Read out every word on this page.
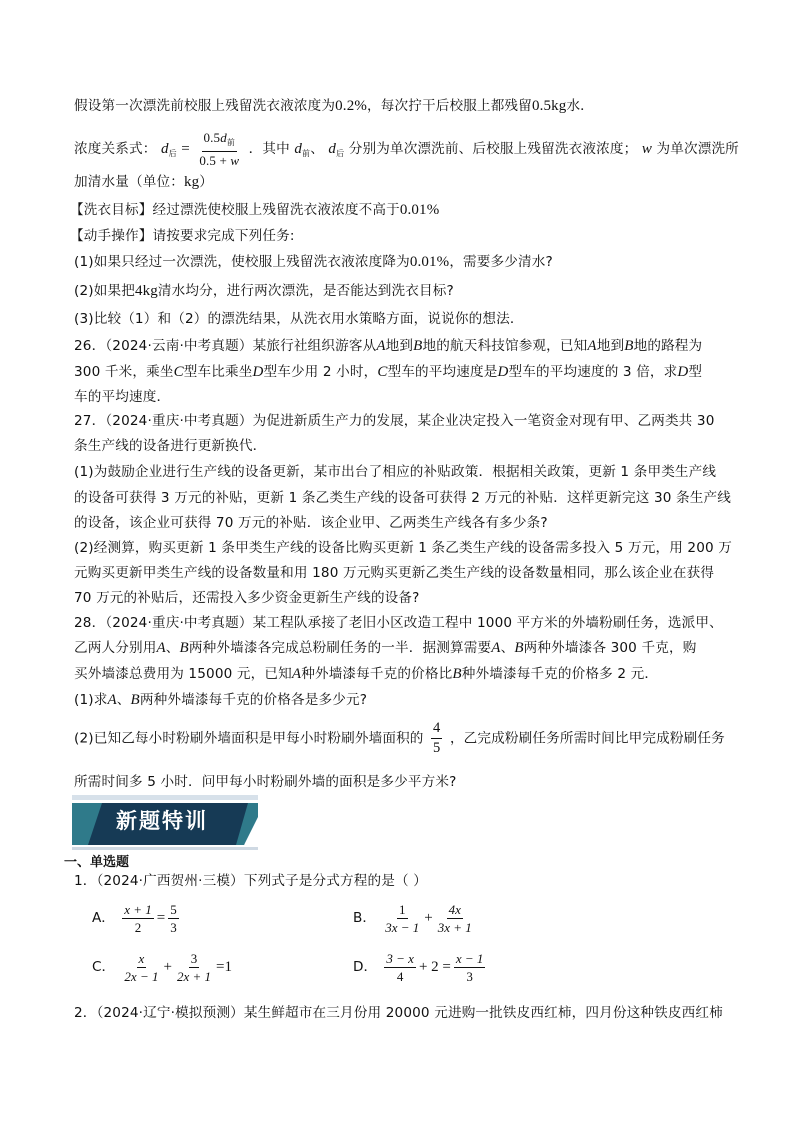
假设第一次漂洗前校服上残留洗衣液浓度为0.2%，每次拧干后校服上都残留0.5kg水．
浓度关系式： $d_后 = \frac{0.5d_前}{0.5 + w}$ ．其中 $d_前$、 $d_后$ 分别为单次漂洗前、后校服上残留洗衣液浓度； w 为单次漂洗所
加清水量（单位：kg）
【洗衣目标】经过漂洗使校服上残留洗衣液浓度不高于0.01%
【动手操作】请按要求完成下列任务:
(1)如果只经过一次漂洗，使校服上残留洗衣液浓度降为0.01%，需要多少清水?
(2)如果把4kg清水均分，进行两次漂洗，是否能达到洗衣目标?
(3)比较（1）和（2）的漂洗结果，从洗衣用水策略方面，说说你的想法．
26．（2024·云南·中考真题）某旅行社组织游客从A地到B地的航天科技馆参观，已知A地到B地的路程为
300 千米，乘坐C型车比乘坐D型车少用 2 小时，C型车的平均速度是D型车的平均速度的 3 倍，求D型
车的平均速度．
27．（2024·重庆·中考真题）为促进新质生产力的发展，某企业决定投入一笔资金对现有甲、乙两类共 30
条生产线的设备进行更新换代．
(1)为鼓励企业进行生产线的设备更新，某市出台了相应的补贴政策．根据相关政策，更新 1 条甲类生产线
的设备可获得 3 万元的补贴，更新 1 条乙类生产线的设备可获得 2 万元的补贴．这样更新完这 30 条生产线
的设备，该企业可获得 70 万元的补贴．该企业甲、乙两类生产线各有多少条?
(2)经测算，购买更新 1 条甲类生产线的设备比购买更新 1 条乙类生产线的设备需多投入 5 万元，用 200 万
元购买更新甲类生产线的设备数量和用 180 万元购买更新乙类生产线的设备数量相同，那么该企业在获得
70 万元的补贴后，还需投入多少资金更新生产线的设备?
28．（2024·重庆·中考真题）某工程队承接了老旧小区改造工程中 1000 平方米的外墙粉刷任务，选派甲、
乙两人分别用A、B两种外墙漆各完成总粉刷任务的一半．据测算需要A、B两种外墙漆各 300 千克，购
买外墙漆总费用为 15000 元，已知A种外墙漆每千克的价格比B种外墙漆每千克的价格多 2 元．
(1)求A、B两种外墙漆每千克的价格各是多少元?
(2)已知乙每小时粉刷外墙面积是甲每小时粉刷外墙面积的 $\frac{4}{5}$ ，乙完成粉刷任务所需时间比甲完成粉刷任务
所需时间多 5 小时．问甲每小时粉刷外墙的面积是多少平方米?
新题特训
一、单选题
1．（2024·广西贺州·三模）下列式子是分式方程的是（ ）
A． $\frac{x + 1}{2} = \frac{5}{3}$	B． $\frac{1}{3x - 1} + \frac{4x}{3x + 1}$
C． $\frac{x}{2x - 1} + \frac{3}{2x + 1} =1$	D． $\frac{3 - x}{4} + 2 = \frac{x - 1}{3}$
2．（2024·辽宁·模拟预测）某生鲜超市在三月份用 20000 元进购一批铁皮西红柿，四月份这种铁皮西红柿
